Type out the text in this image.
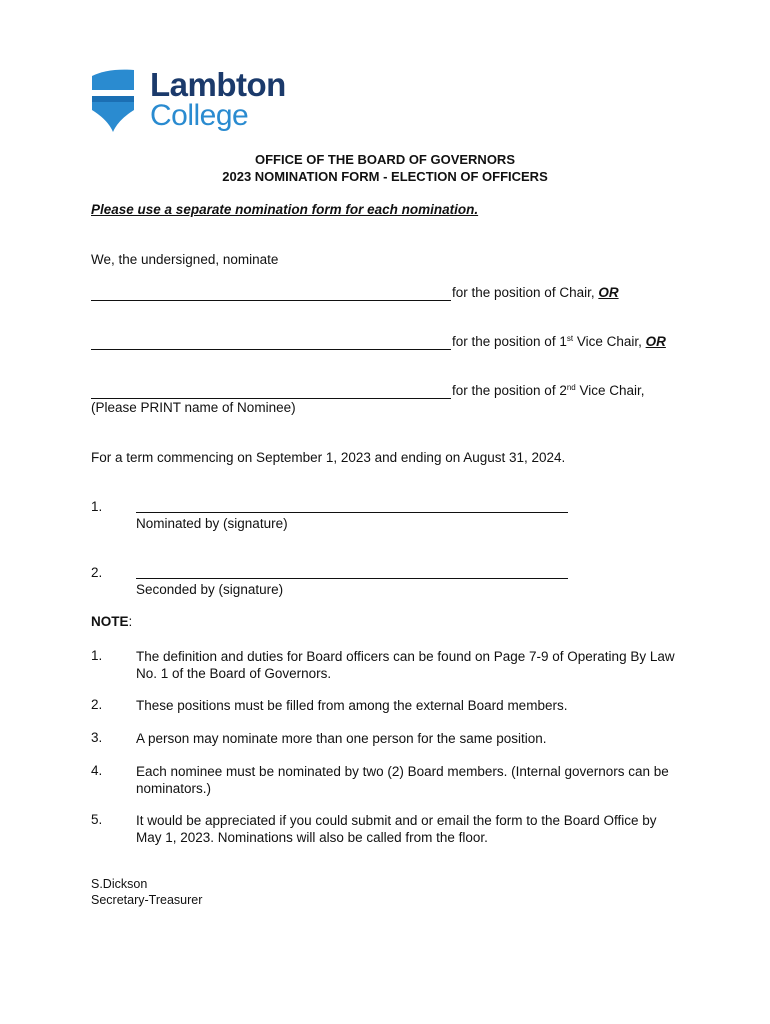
Lambton
College
OFFICE OF THE BOARD OF GOVERNORS
2023 NOMINATION FORM - ELECTION OF OFFICERS
Please use a separate nomination form for each nomination.
We, the undersigned, nominate
for the position of Chair, OR
for the position of 1st Vice Chair, OR
for the position of 2nd Vice Chair,
(Please PRINT name of Nominee)
For a term commencing on September 1, 2023 and ending on August 31, 2024.
1.
Nominated by (signature)
2.
Seconded by (signature)
NOTE:
1. The definition and duties for Board officers can be found on Page 7-9 of Operating By Law No. 1 of the Board of Governors.
2. These positions must be filled from among the external Board members.
3. A person may nominate more than one person for the same position.
4. Each nominee must be nominated by two (2) Board members. (Internal governors can be nominators.)
5. It would be appreciated if you could submit and or email the form to the Board Office by May 1, 2023. Nominations will also be called from the floor.
S.Dickson
Secretary-Treasurer
